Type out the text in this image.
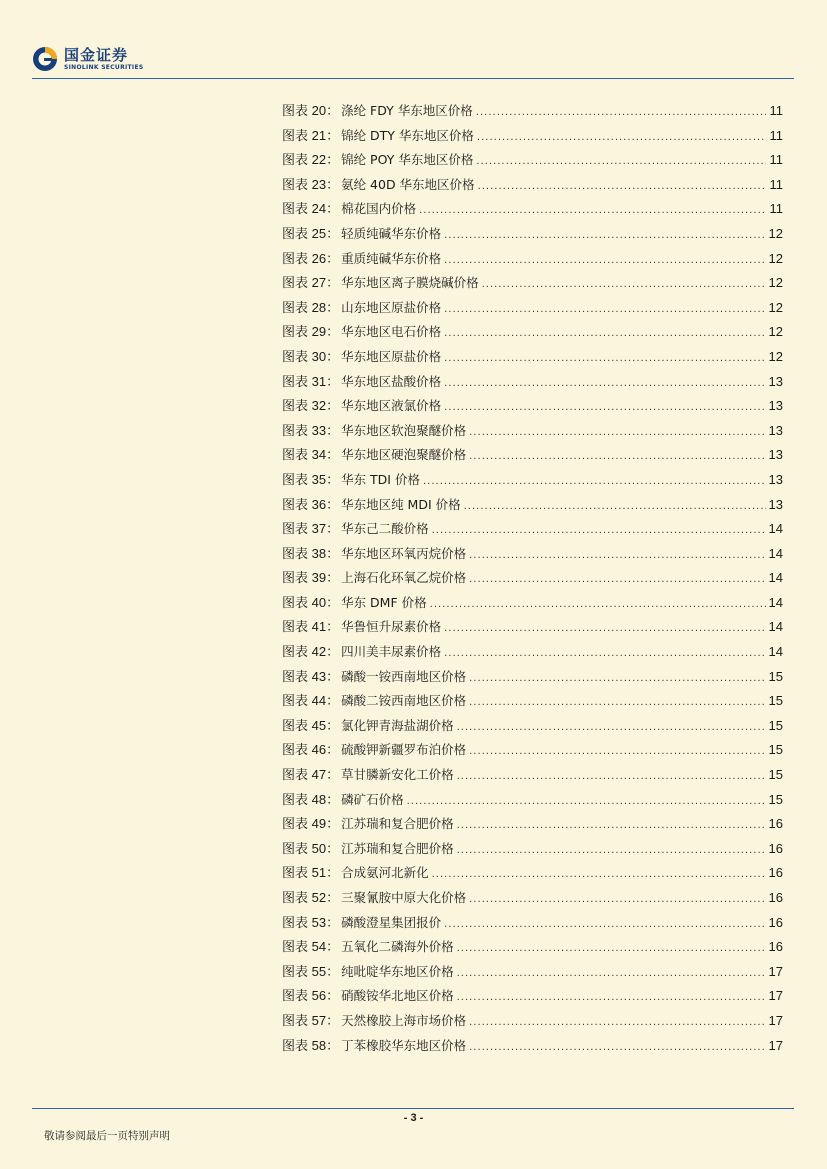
国金证券
SINOLINK SECURITIES
图表 20： 涤纶 FDY 华东地区价格 .....	11
图表 21： 锦纶 DTY 华东地区价格 .....	11
图表 22： 锦纶 POY 华东地区价格 .....	11
图表 23： 氨纶 40D 华东地区价格 .....	11
图表 24： 棉花国内价格 .....	11
图表 25： 轻质纯碱华东价格 .....	12
图表 26： 重质纯碱华东价格 .....	12
图表 27： 华东地区离子膜烧碱价格 .....	12
图表 28： 山东地区原盐价格 .....	12
图表 29： 华东地区电石价格 .....	12
图表 30： 华东地区原盐价格 .....	12
图表 31： 华东地区盐酸价格 .....	13
图表 32： 华东地区液氯价格 .....	13
图表 33： 华东地区软泡聚醚价格 .....	13
图表 34： 华东地区硬泡聚醚价格 .....	13
图表 35： 华东 TDI 价格 .....	13
图表 36： 华东地区纯 MDI 价格 .....	13
图表 37： 华东己二酸价格 .....	14
图表 38： 华东地区环氧丙烷价格 .....	14
图表 39： 上海石化环氧乙烷价格 .....	14
图表 40： 华东 DMF 价格 .....	14
图表 41： 华鲁恒升尿素价格 .....	14
图表 42： 四川美丰尿素价格 .....	14
图表 43： 磷酸一铵西南地区价格 .....	15
图表 44： 磷酸二铵西南地区价格 .....	15
图表 45： 氯化钾青海盐湖价格 .....	15
图表 46： 硫酸钾新疆罗布泊价格 .....	15
图表 47： 草甘膦新安化工价格 .....	15
图表 48： 磷矿石价格 .....	15
图表 49： 江苏瑞和复合肥价格 .....	16
图表 50： 江苏瑞和复合肥价格 .....	16
图表 51： 合成氨河北新化 .....	16
图表 52： 三聚氰胺中原大化价格 .....	16
图表 53： 磷酸澄星集团报价 .....	16
图表 54： 五氧化二磷海外价格 .....	16
图表 55： 纯吡啶华东地区价格 .....	17
图表 56： 硝酸铵华北地区价格 .....	17
图表 57： 天然橡胶上海市场价格 .....	17
图表 58： 丁苯橡胶华东地区价格 .....	17
- 3 -
敬请参阅最后一页特别声明
